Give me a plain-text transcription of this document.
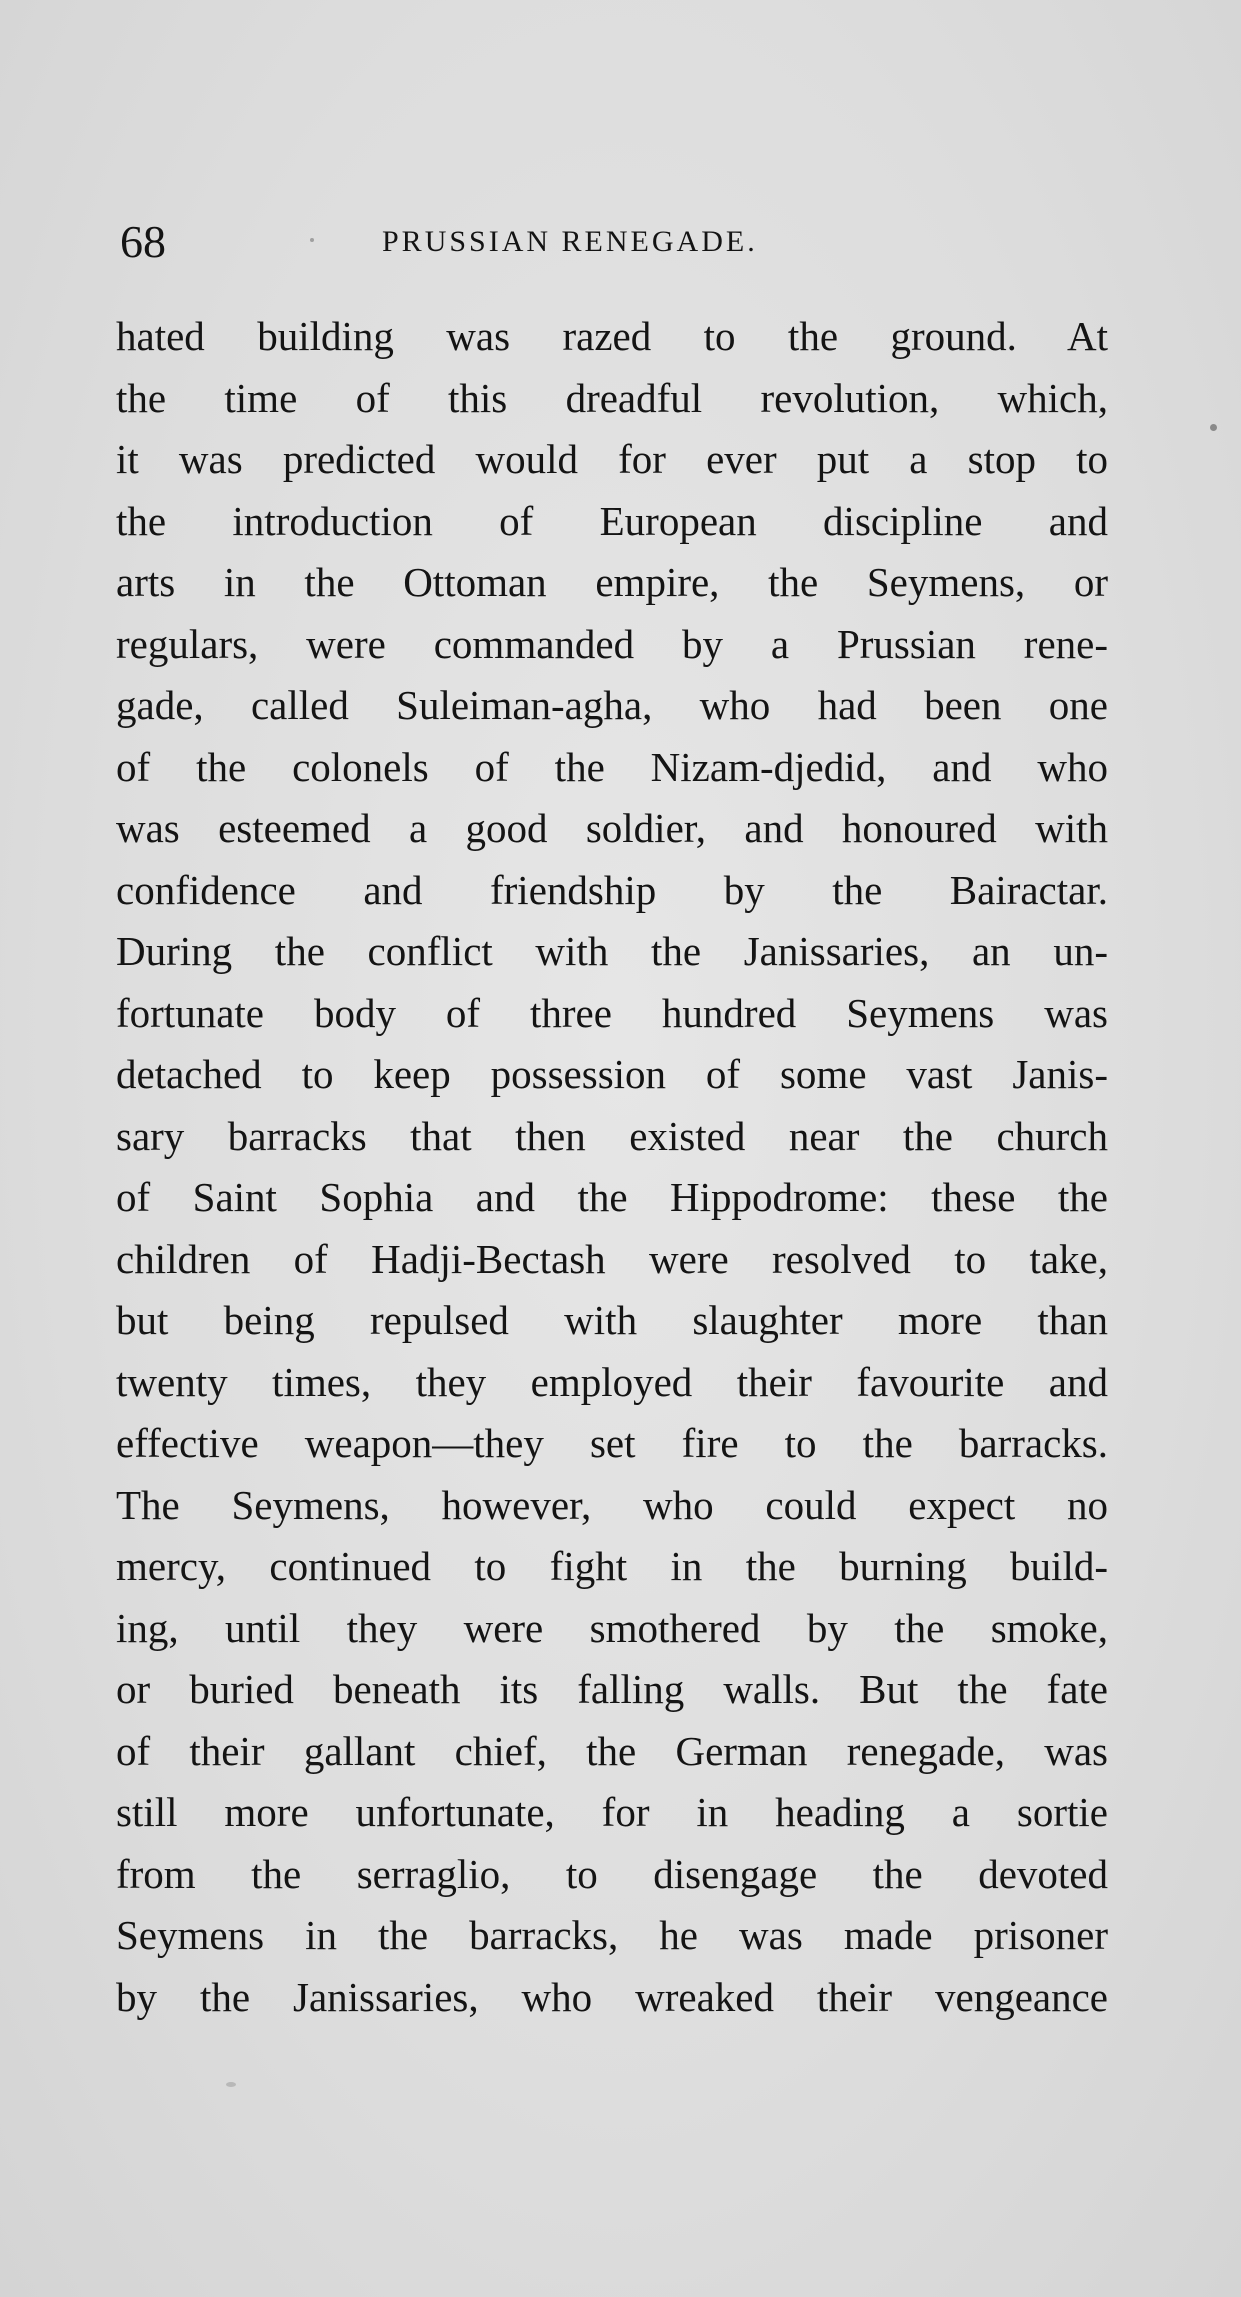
68	PRUSSIAN RENEGADE.
hated building was razed to the ground. At
the time of this dreadful revolution, which,
it was predicted would for ever put a stop to
the introduction of European discipline and
arts in the Ottoman empire, the Seymens, or
regulars, were commanded by a Prussian rene-
gade, called Suleiman-agha, who had been one
of the colonels of the Nizam-djedid, and who
was esteemed a good soldier, and honoured with
confidence and friendship by the Bairactar.
During the conflict with the Janissaries, an un-
fortunate body of three hundred Seymens was
detached to keep possession of some vast Janis-
sary barracks that then existed near the church
of Saint Sophia and the Hippodrome: these the
children of Hadji-Bectash were resolved to take,
but being repulsed with slaughter more than
twenty times, they employed their favourite and
effective weapon—they set fire to the barracks.
The Seymens, however, who could expect no
mercy, continued to fight in the burning build-
ing, until they were smothered by the smoke,
or buried beneath its falling walls. But the fate
of their gallant chief, the German renegade, was
still more unfortunate, for in heading a sortie
from the serraglio, to disengage the devoted
Seymens in the barracks, he was made prisoner
by the Janissaries, who wreaked their vengeance
